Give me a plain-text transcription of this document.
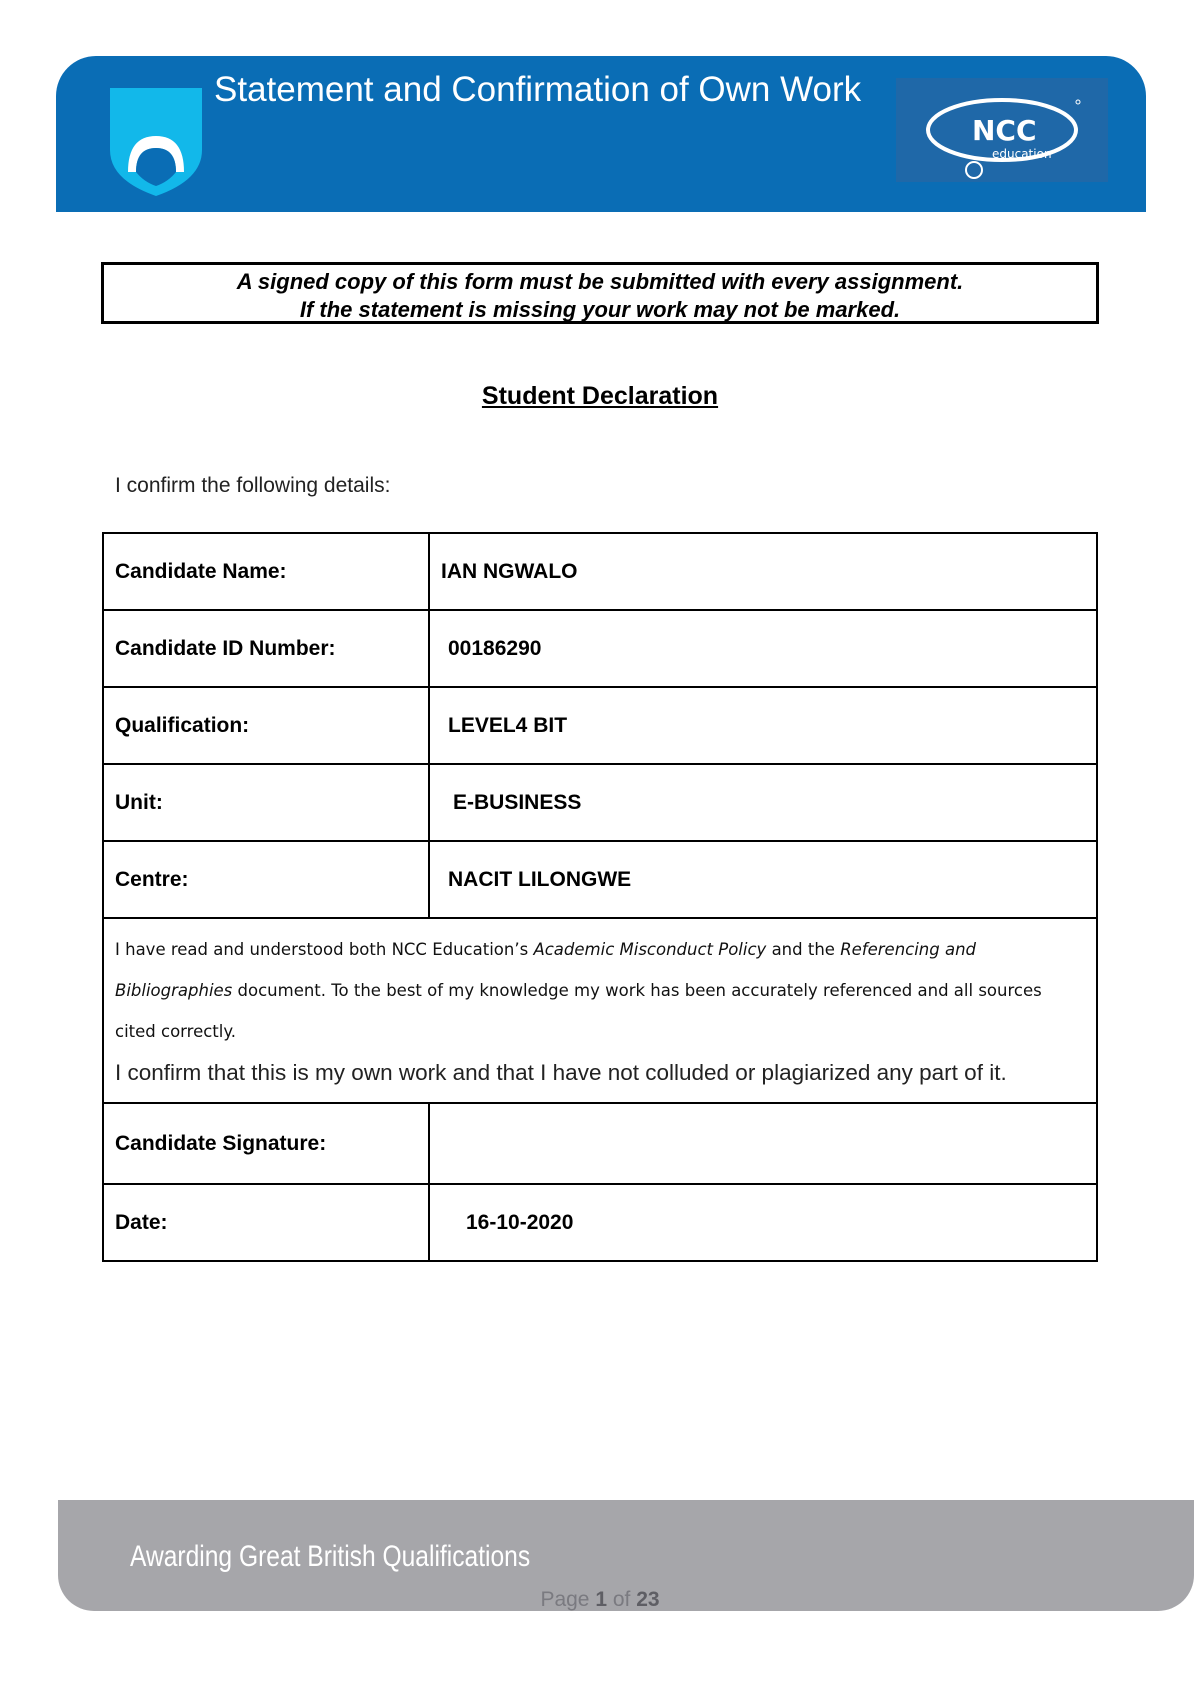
Statement and Confirmation of Own Work
NCC
education
A signed copy of this form must be submitted with every assignment.
If the statement is missing your work may not be marked.
Student Declaration
I confirm the following details:
Candidate Name:	IAN NGWALO
Candidate ID Number:	00186290
Qualification:	LEVEL4 BIT
Unit:	E-BUSINESS
Centre:	NACIT LILONGWE

I have read and understood both NCC Education’s Academic Misconduct Policy and the Referencing and Bibliographies document. To the best of my knowledge my work has been accurately referenced and all sources cited correctly.
I confirm that this is my own work and that I have not colluded or plagiarized any part of it.	

Candidate Signature:	
Date:	16-10-2020
Awarding Great British Qualifications
Page 1 of 23
